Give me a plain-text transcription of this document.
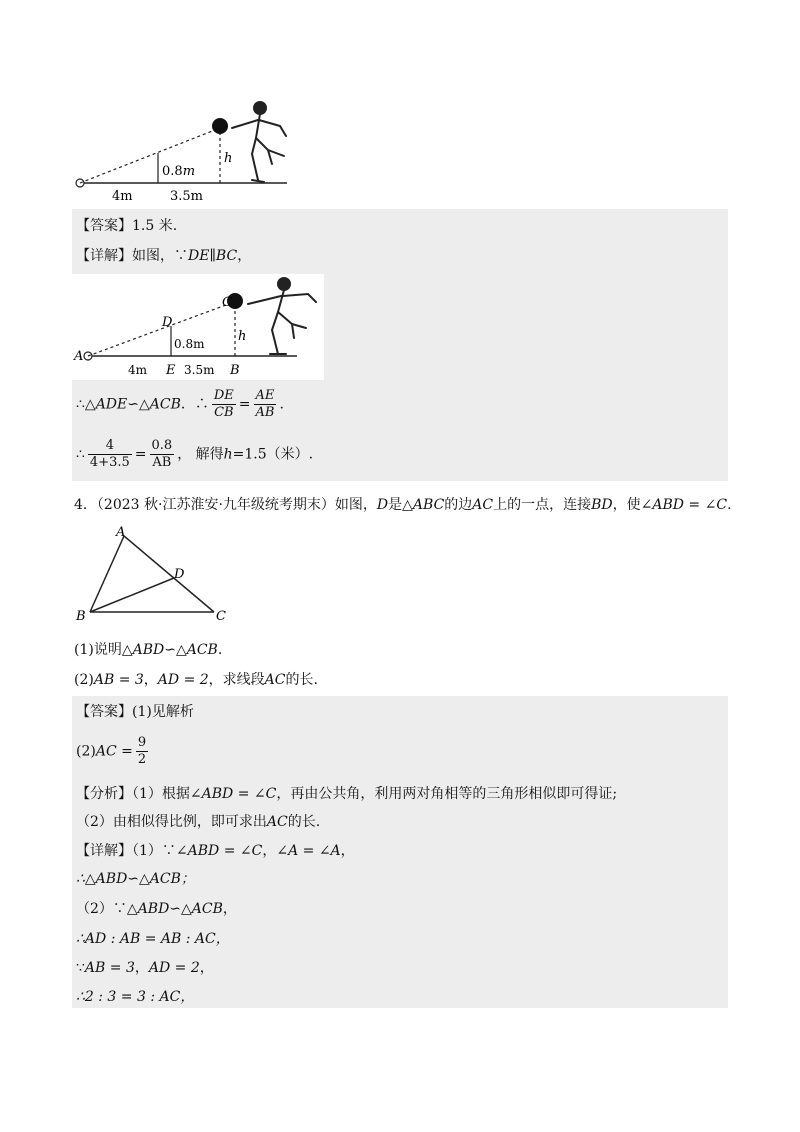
0.8m
h
4m	3.5m
【答案】1.5 米.
【详解】如图，∵DE∥BC，
A
D
C
0.8m	h
4m E 3.5m B
∴△ADE∽△ACB．∴ $\frac{DE}{CB} = \frac{AE}{AB}$ .
∴ $\frac{4}{4+3.5} = \frac{0.8}{AB}$ ， 解得h=1.5（米）.
4．（2023 秋·江苏淮安·九年级统考期末）如图，D是△ABC的边AC上的一点，连接BD，使∠ABD = ∠C.
A
B	C
D
(1)说明△ABD∽△ACB.
(2)AB = 3，AD = 2，求线段AC的长.
【答案】(1)见解析
$(2)AC = \frac{9}{2}$
【分析】（1）根据∠ABD = ∠C，再由公共角，利用两对角相等的三角形相似即可得证;
（2）由相似得比例，即可求出AC的长.
【详解】（1）∵∠ABD = ∠C，∠A = ∠A，
∴△ABD∽△ACB；
（2）∵△ABD∽△ACB，
∴AD : AB = AB : AC，
∵AB = 3，AD = 2，
∴2 : 3 = 3 : AC，
